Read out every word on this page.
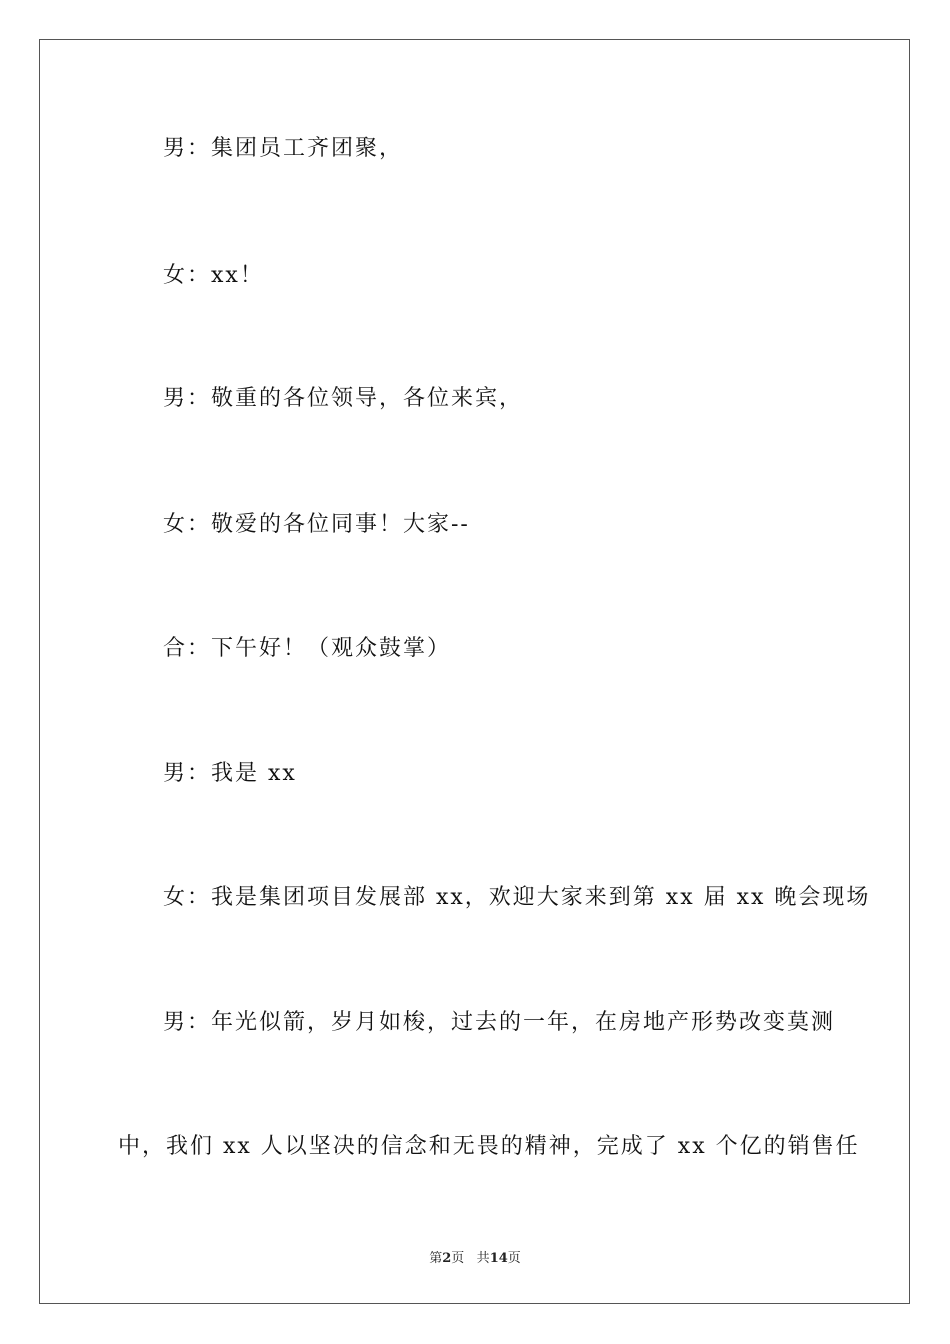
男：集团员工齐团聚，
女：xx！
男：敬重的各位领导，各位来宾，
女：敬爱的各位同事！大家--
合：下午好！（观众鼓掌）
男：我是 xx
女：我是集团项目发展部 xx，欢迎大家来到第 xx 届 xx 晚会现场
男：年光似箭，岁月如梭，过去的一年，在房地产形势改变莫测
中，我们 xx 人以坚决的信念和无畏的精神，完成了 xx 个亿的销售任
第2页 共14页
